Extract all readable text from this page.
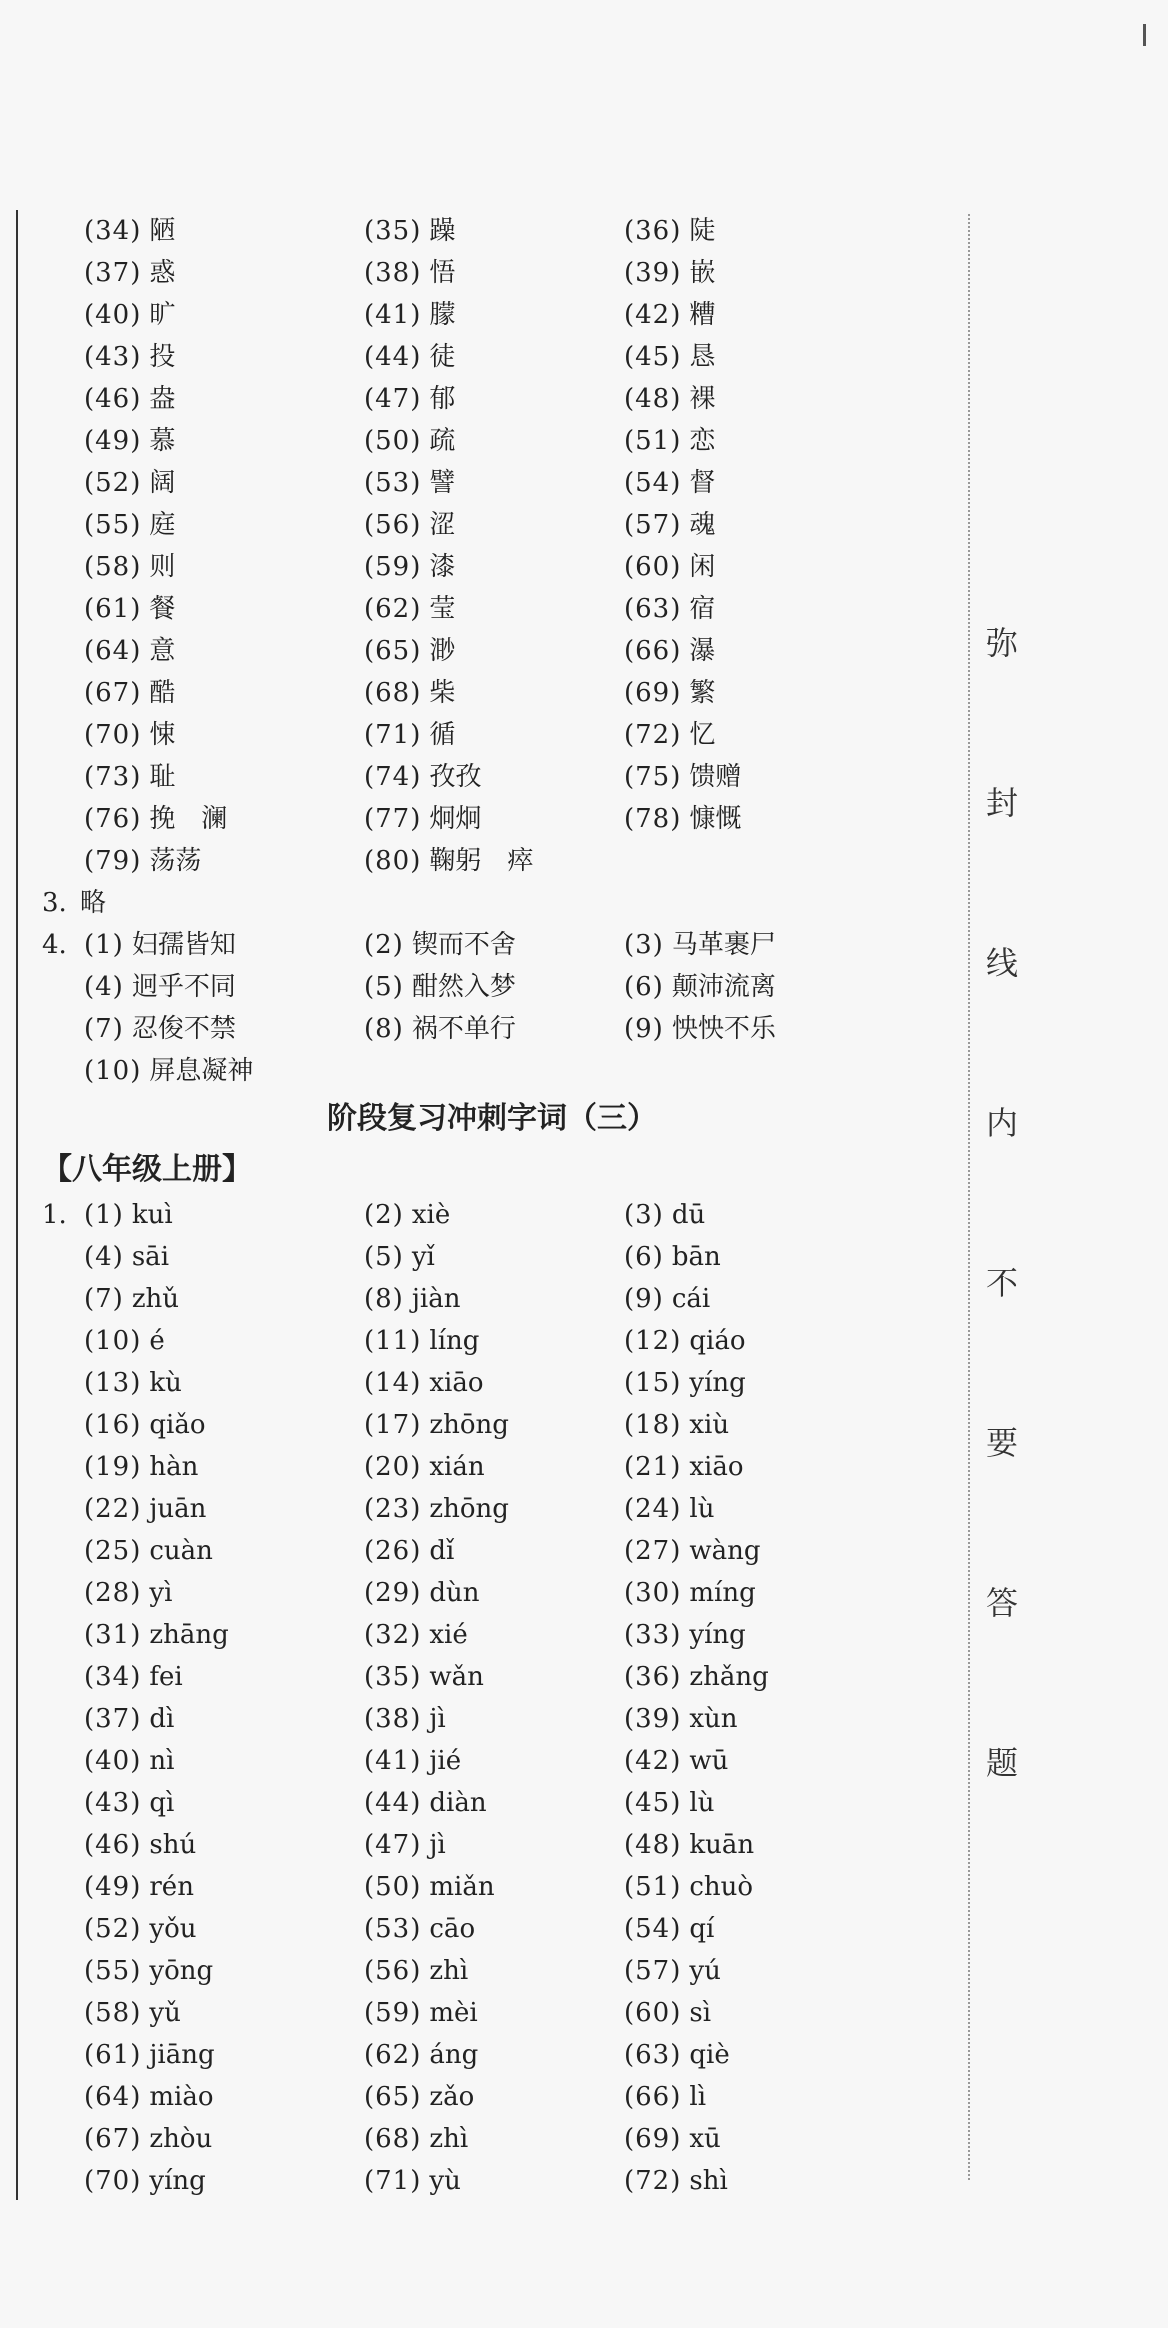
(34) 陋	(35) 躁	(36) 陡
(37) 惑	(38) 悟	(39) 嵌
(40) 旷	(41) 朦	(42) 糟
(43) 投	(44) 徒	(45) 恳
(46) 盎	(47) 郁	(48) 裸
(49) 慕	(50) 疏	(51) 恋
(52) 阔	(53) 譬	(54) 督
(55) 庭	(56) 涩	(57) 魂
(58) 则	(59) 漆	(60) 闲
(61) 餐	(62) 莹	(63) 宿
(64) 意	(65) 渺	(66) 瀑
(67) 酷	(68) 柴	(69) 繁
(70) 悚	(71) 循	(72) 忆
(73) 耻	(74) 孜孜	(75) 馈赠
(76) 挽　澜	(77) 炯炯	(78) 慷慨
(79) 荡荡	(80) 鞠躬　瘁
3. 略
4. (1) 妇孺皆知	(2) 锲而不舍	(3) 马革裹尸
(4) 迥乎不同	(5) 酣然入梦	(6) 颠沛流离
(7) 忍俊不禁	(8) 祸不单行	(9) 怏怏不乐
(10) 屏息凝神
阶段复习冲刺字词（三）
【八年级上册】
1. (1) kuì	(2) xiè	(3) dū
(4) sāi	(5) yǐ	(6) bān
(7) zhǔ	(8) jiàn	(9) cái
(10) é	(11) líng	(12) qiáo
(13) kù	(14) xiāo	(15) yíng
(16) qiǎo	(17) zhōng	(18) xiù
(19) hàn	(20) xián	(21) xiāo
(22) juān	(23) zhōng	(24) lù
(25) cuàn	(26) dǐ	(27) wàng
(28) yì	(29) dùn	(30) míng
(31) zhāng	(32) xié	(33) yíng
(34) fei	(35) wǎn	(36) zhǎng
(37) dì	(38) jì	(39) xùn
(40) nì	(41) jié	(42) wū
(43) qì	(44) diàn	(45) lù
(46) shú	(47) jì	(48) kuān
(49) rén	(50) miǎn	(51) chuò
(52) yǒu	(53) cāo	(54) qí
(55) yōng	(56) zhì	(57) yú
(58) yǔ	(59) mèi	(60) sì
(61) jiāng	(62) áng	(63) qiè
(64) miào	(65) zǎo	(66) lì
(67) zhòu	(68) zhì	(69) xū
(70) yíng	(71) yù	(72) shì
弥
封
线
内
不
要
答
题
